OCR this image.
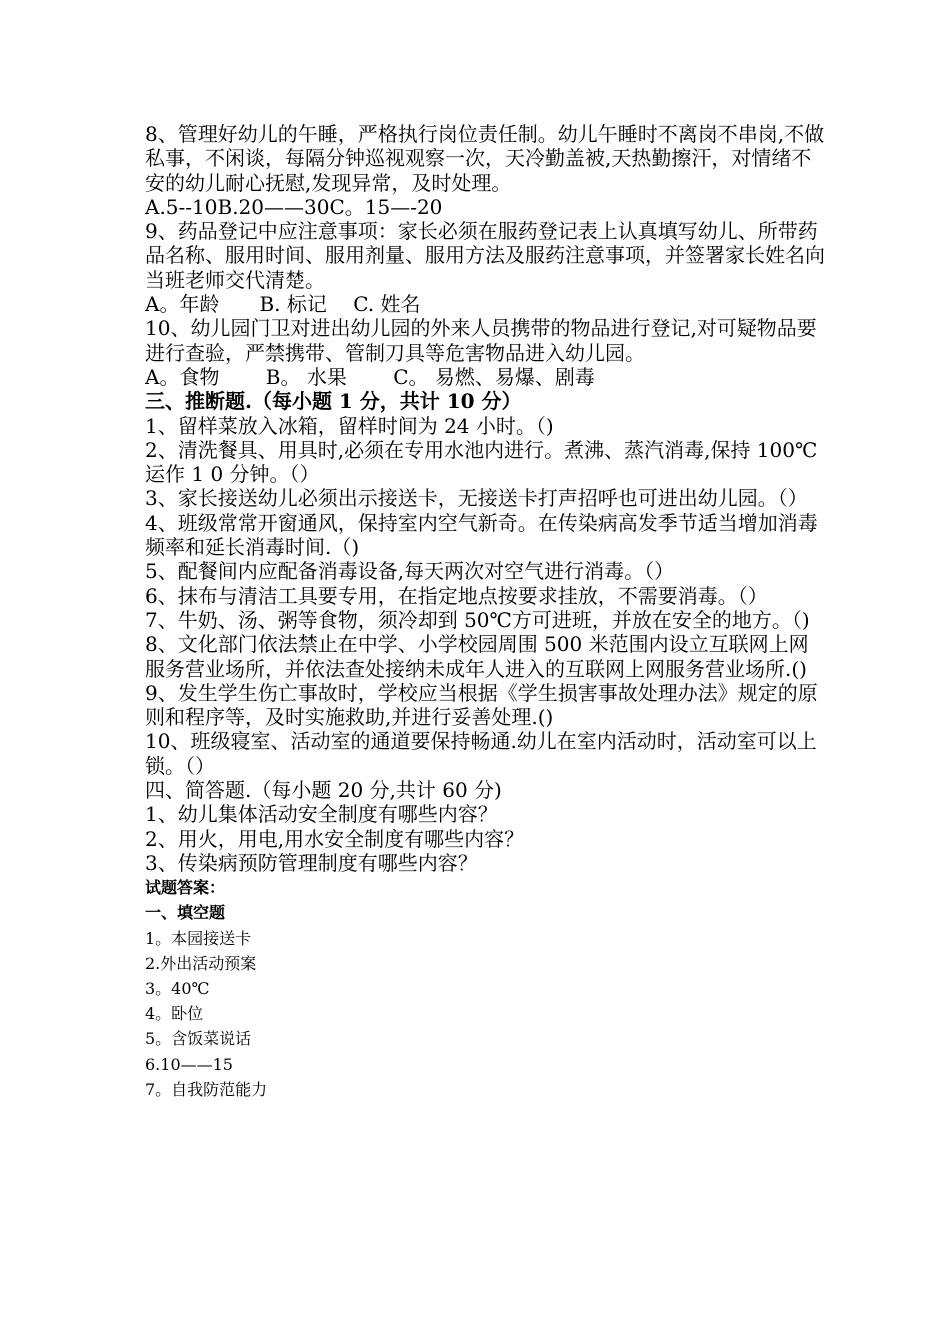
8、管理好幼儿的午睡，严格执行岗位责任制。幼儿午睡时不离岗不串岗,不做私事，不闲谈，每隔分钟巡视观察一次，天冷勤盖被,天热勤擦汗，对情绪不安的幼儿耐心抚慰,发现异常，及时处理。

A.5--10B.20——30C。15—-20

9、药品登记中应注意事项：家长必须在服药登记表上认真填写幼儿、所带药品名称、服用时间、服用剂量、服用方法及服药注意事项，并签署家长姓名向当班老师交代清楚。

A。年龄　　B. 标记　 C. 姓名

10、幼儿园门卫对进出幼儿园的外来人员携带的物品进行登记,对可疑物品要进行查验，严禁携带、管制刀具等危害物品进入幼儿园。

A。食物　　 B。 水果　　 C。 易燃、易爆、剧毒

三、推断题.（每小题 1 分，共计 10 分）

1、留样菜放入冰箱，留样时间为 24 小时。（)

2、清洗餐具、用具时,必须在专用水池内进行。煮沸、蒸汽消毒,保持 100℃运作 1 0 分钟。（）

3、家长接送幼儿必须出示接送卡，无接送卡打声招呼也可进出幼儿园。（）

4、班级常常开窗通风，保持室内空气新奇。在传染病高发季节适当增加消毒频率和延长消毒时间.（)

5、配餐间内应配备消毒设备,每天两次对空气进行消毒。（）

6、抹布与清洁工具要专用，在指定地点按要求挂放，不需要消毒。（）

7、牛奶、汤、粥等食物，须冷却到 50℃方可进班，并放在安全的地方。（)

8、文化部门依法禁止在中学、小学校园周围 500 米范围内设立互联网上网服务营业场所，并依法查处接纳未成年人进入的互联网上网服务营业场所.()

9、发生学生伤亡事故时，学校应当根据《学生损害事故处理办法》规定的原则和程序等，及时实施救助,并进行妥善处理.()

10、班级寝室、活动室的通道要保持畅通.幼儿在室内活动时，活动室可以上锁。（）

四、简答题.（每小题 20 分,共计 60 分)

1、幼儿集体活动安全制度有哪些内容？

2、用火，用电,用水安全制度有哪些内容？

3、传染病预防管理制度有哪些内容？

试题答案：

一、填空题

1。本园接送卡

2.外出活动预案

3。40℃

4。卧位

5。含饭菜说话

6.10——15

7。自我防范能力
